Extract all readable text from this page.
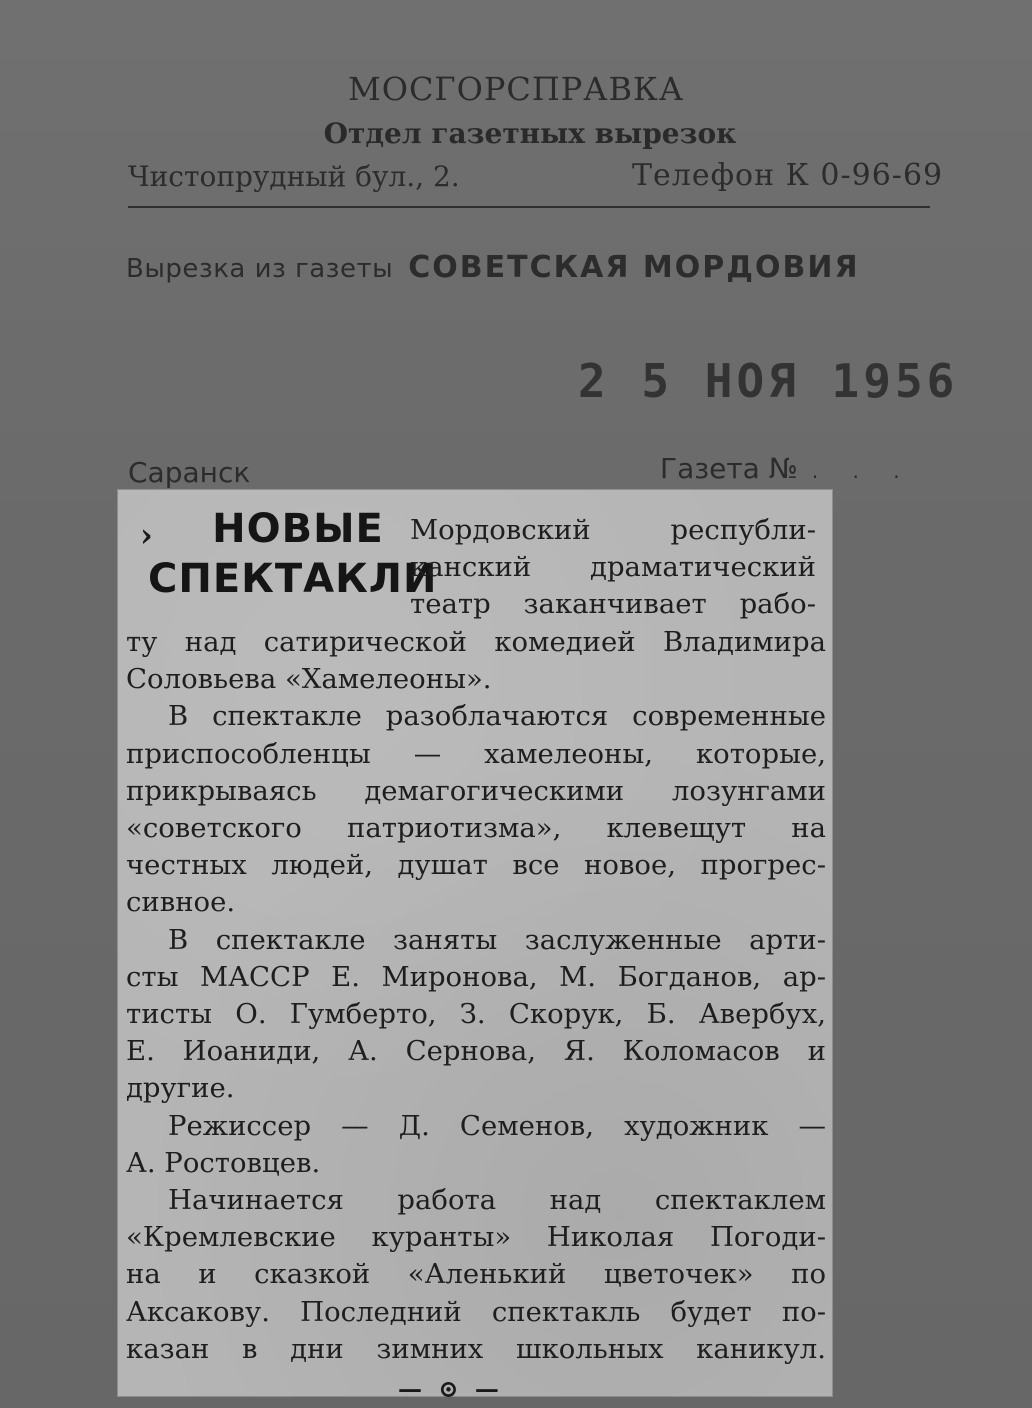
МОСГОРСПРАВКА
Отдел газетных вырезок
Чистопрудный бул., 2.	Телефон К 0-96-69
Вырезка из газеты СОВЕТСКАЯ МОРДОВИЯ
2 5 НОЯ 1956
Саранск	Газета № . . .
›	НОВЫЕ
СПЕКТАКЛИ
Мордовский республи-
канский драматический
театр заканчивает рабо-
ту над сатирической комедией Владимира
Соловьева «Хамелеоны».
В спектакле разоблачаются современные
приспособленцы — хамелеоны, которые,
прикрываясь демагогическими лозунгами
«советского патриотизма», клевещут на
честных людей, душат все новое, прогрес-
сивное.
В спектакле заняты заслуженные арти-
сты МАССР Е. Миронова, М. Богданов, ар-
тисты О. Гумберто, З. Скорук, Б. Авербух,
Е. Иоаниди, А. Сернова, Я. Коломасов и
другие.
Режиссер — Д. Семенов, художник —
А. Ростовцев.
Начинается работа над спектаклем
«Кремлевские куранты» Николая Погоди-
на и сказкой «Аленький цветочек» по
Аксакову. Последний спектакль будет по-
казан в дни зимних школьных каникул.
— ⊙ —
